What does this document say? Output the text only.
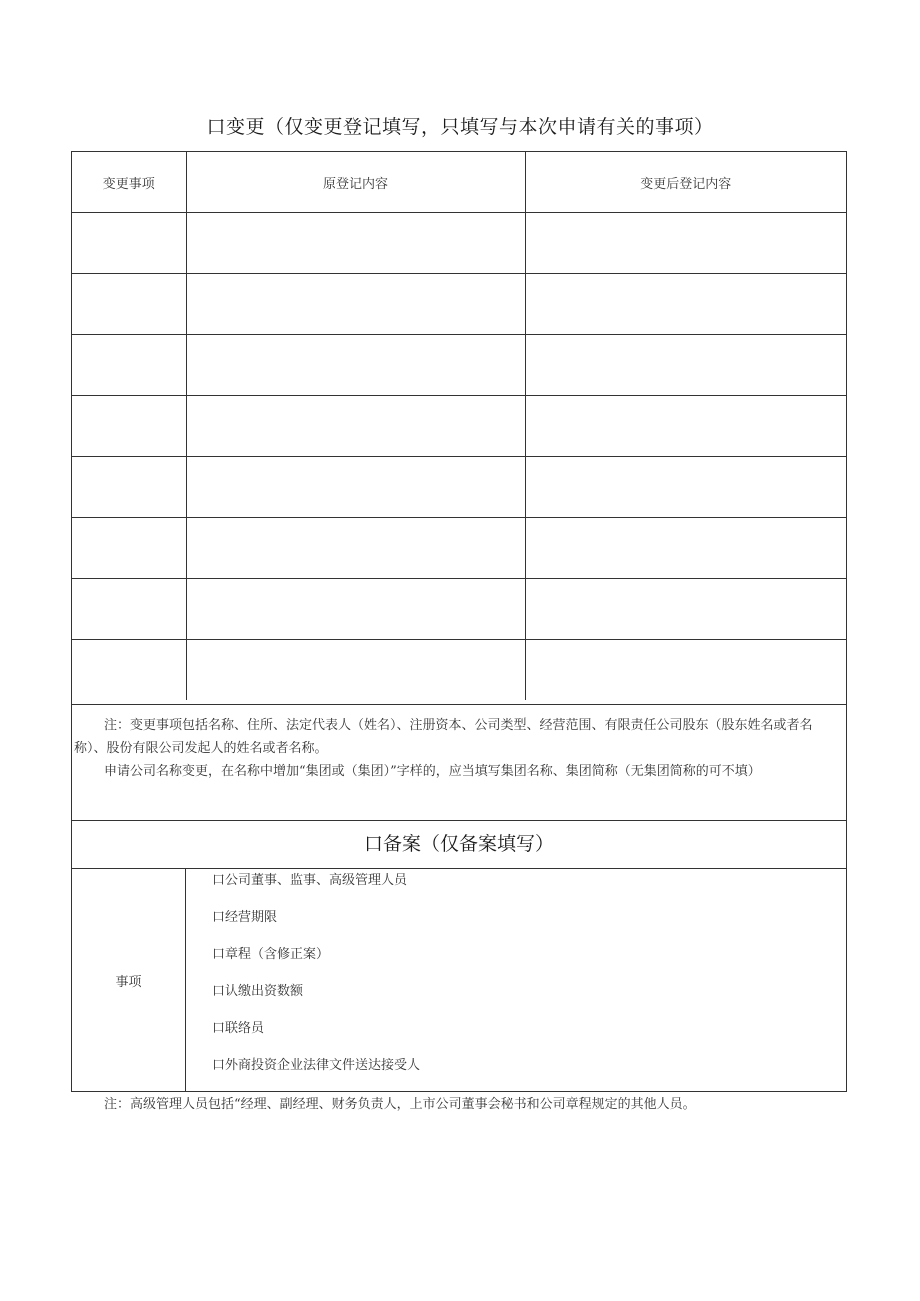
口变更（仅变更登记填写，只填写与本次申请有关的事项）
变更事项	原登记内容	变更后登记内容

注：变更事项包括名称、住所、法定代表人（姓名）、注册资本、公司类型、经营范围、有限责任公司股东（股东姓名或者名称）、股份有限公司发起人的姓名或者名称。

申请公司名称变更，在名称中增加“集团或（集团）”字样的，应当填写集团名称、集团简称（无集团简称的可不填）

口备案（仅备案填写）
事项
口公司董事、监事、高级管理人员
口经营期限
口章程（含修正案）
口认缴出资数额
口联络员
口外商投资企业法律文件送达接受人
注：高级管理人员包括“经理、副经理、财务负责人，上市公司董事会秘书和公司章程规定的其他人员。
